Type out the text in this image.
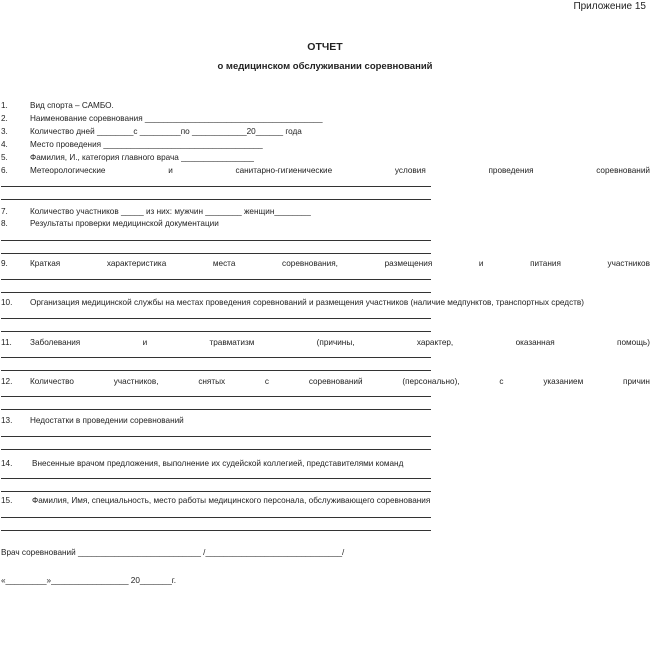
Приложение 15
ОТЧЕТ
о медицинском обслуживании соревнований
1.	Вид спорта – САМБО.
2.	Наименование соревнования _______________________________________
3.	Количество дней ________с _________по ____________20______ года
4.	Место проведения ___________________________________
5.	Фамилия, И., категория главного врача ________________
6.	Метеорологические	и	санитарно-гигиенические	условия	проведения	соревнований
7.	Количество участников _____ из них: мужчин ________ женщин________
8.	Результаты проверки медицинской документации
9.	Краткая	характеристика	места	соревнования,	размещения	и	питания	участников
10. Организация медицинской службы на местах проведения соревнований и размещения участников (наличие медпунктов, транспортных средств)
11. Заболевания	и	травматизм	(причины,	характер,	оказанная	помощь)
12. Количество	участников,	снятых	с	соревнований	(персонально),	с	указанием	причин
13. Недостатки в проведении соревнований
14. Внесенные врачом предложения, выполнение их судейской коллегией, представителями команд
15. Фамилия, Имя, специальность, место работы медицинского персонала, обслуживающего соревнования
Врач соревнований ___________________________ /______________________________/
«_________»_________________ 20_______г.
